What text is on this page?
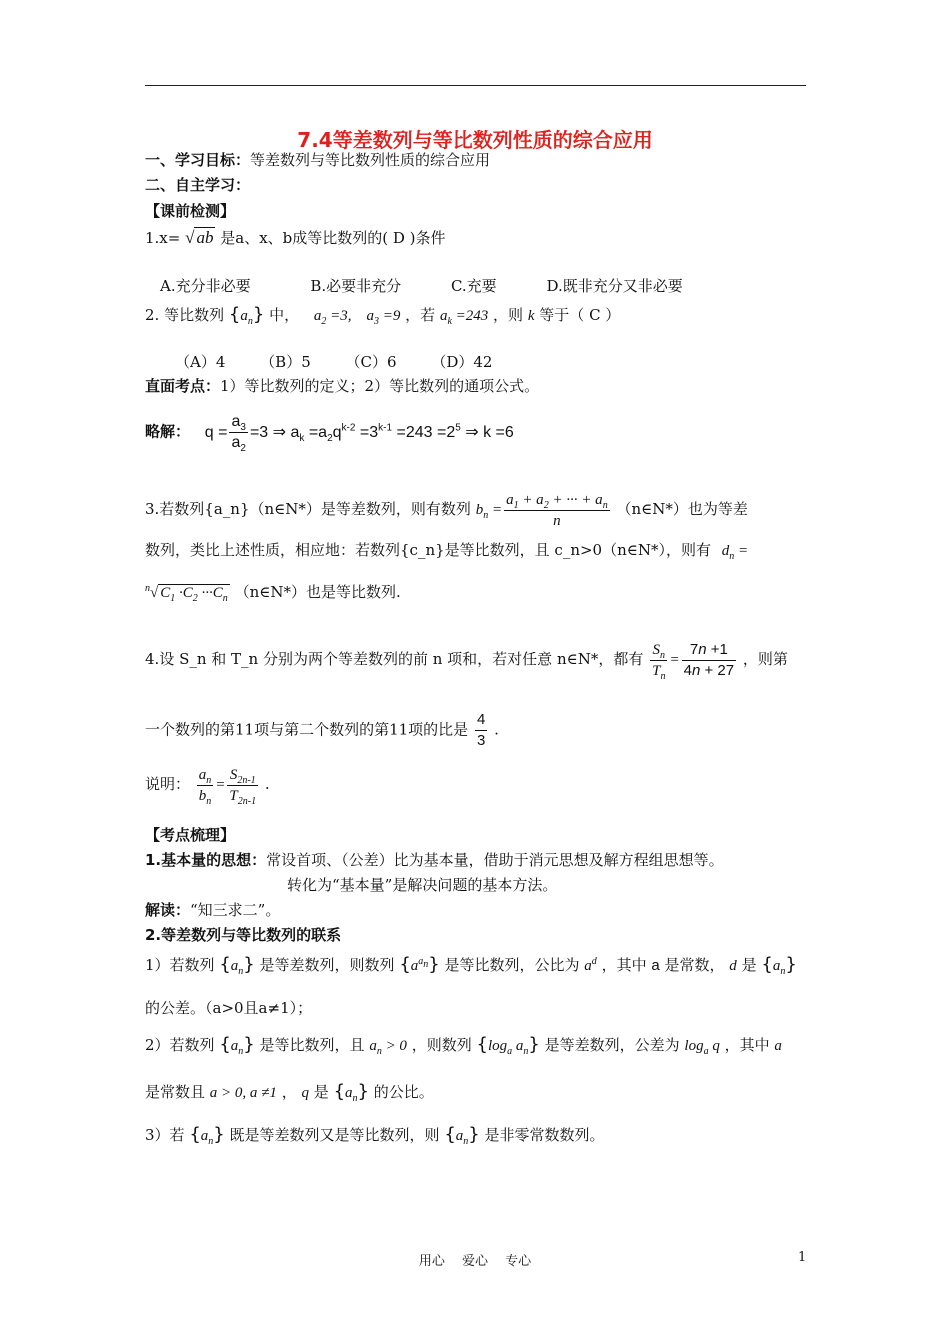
7.4等差数列与等比数列性质的综合应用
一、学习目标：等差数列与等比数列性质的综合应用
二、自主学习：
【课前检测】
1.x= √ ab 是a、x、b成等比数列的( D )条件
A.充分非必要	B.必要非充分	C.充要	D.既非充分又非必要
2. 等比数列 $\{a_n\}$ 中， $a_2 =3$,　$a_3 =9$ ，若 $a_k =243$ ，则 k 等于（ C ）
（A）4 （B）5 （C）6 （D）42
直面考点：1）等比数列的定义；2）等比数列的通项公式。
略解： $q = \frac{a_3}{a_2} =3$ ⇒ $a_k =a_2q^{k-2} =3^{k-1} =243 =2^5$ ⇒ k =6
3.若数列{a_n}（n∈N*）是等差数列，则有数列 $b_n = \frac{a_1 + a_2 + \cdot\cdot\cdot + a_n}{n}$ （n∈N*）也为等差
数列，类比上述性质，相应地：若数列{c_n}是等比数列，且 c_n>0（n∈N*），则有 $d_n$ =
$^n$√ $C_1 \cdot C_2 \cdot\cdot\cdot C_n$ （n∈N*）也是等比数列.
4.设 S_n 和 T_n 分别为两个等差数列的前 n 项和，若对任意 n∈N*，都有 $\frac{S_n}{T_n} = \frac{7n +1}{4n + 27}$ ，则第
一个数列的第11项与第二个数列的第11项的比是 $\frac{4}{3}$ .
说明： $\frac{a_n}{b_n} = \frac{S_{2n-1}}{T_{2n-1}}$ .
【考点梳理】
1.基本量的思想：常设首项、（公差）比为基本量，借助于消元思想及解方程组思想等。
转化为“基本量”是解决问题的基本方法。
解读：“知三求二”。
2.等差数列与等比数列的联系
1）若数列 $\{a_n\}$ 是等差数列，则数列 $\{a^{a_n}\}$ 是等比数列，公比为 $a^d$ ，其中 a 是常数， d 是 $\{a_n\}$
的公差。（a>0且a≠1）；
2）若数列 $\{a_n\}$ 是等比数列，且 $a_n > 0$ ，则数列 {$\log_a$ $a_n$} 是等差数列，公差为 $\log_a q$ ，其中 a
是常数且 a > 0, a ≠1 ， q 是 $\{a_n\}$ 的公比。
3）若 $\{a_n\}$ 既是等差数列又是等比数列，则 $\{a_n\}$ 是非零常数数列。
用心　 爱心　 专心	1
